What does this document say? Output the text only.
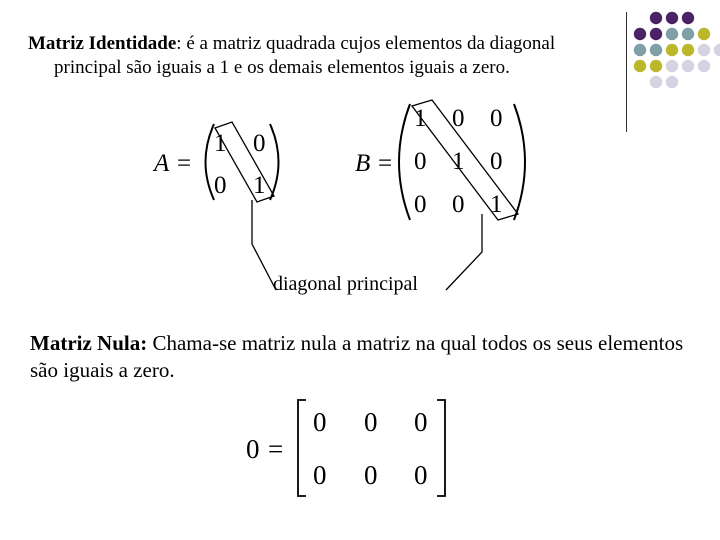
Matriz Identidade: é a matriz quadrada cujos elementos da diagonal
principal são iguais a 1 e os demais elementos iguais a zero.
A =
1 0
0 1
B =
1 0 0
0 1 0
0 0 1
0 =
0 0 0
0 0 0
diagonal principal
Matriz Nula: Chama-se matriz nula a matriz na qual todos os seus elementos são iguais a zero.
